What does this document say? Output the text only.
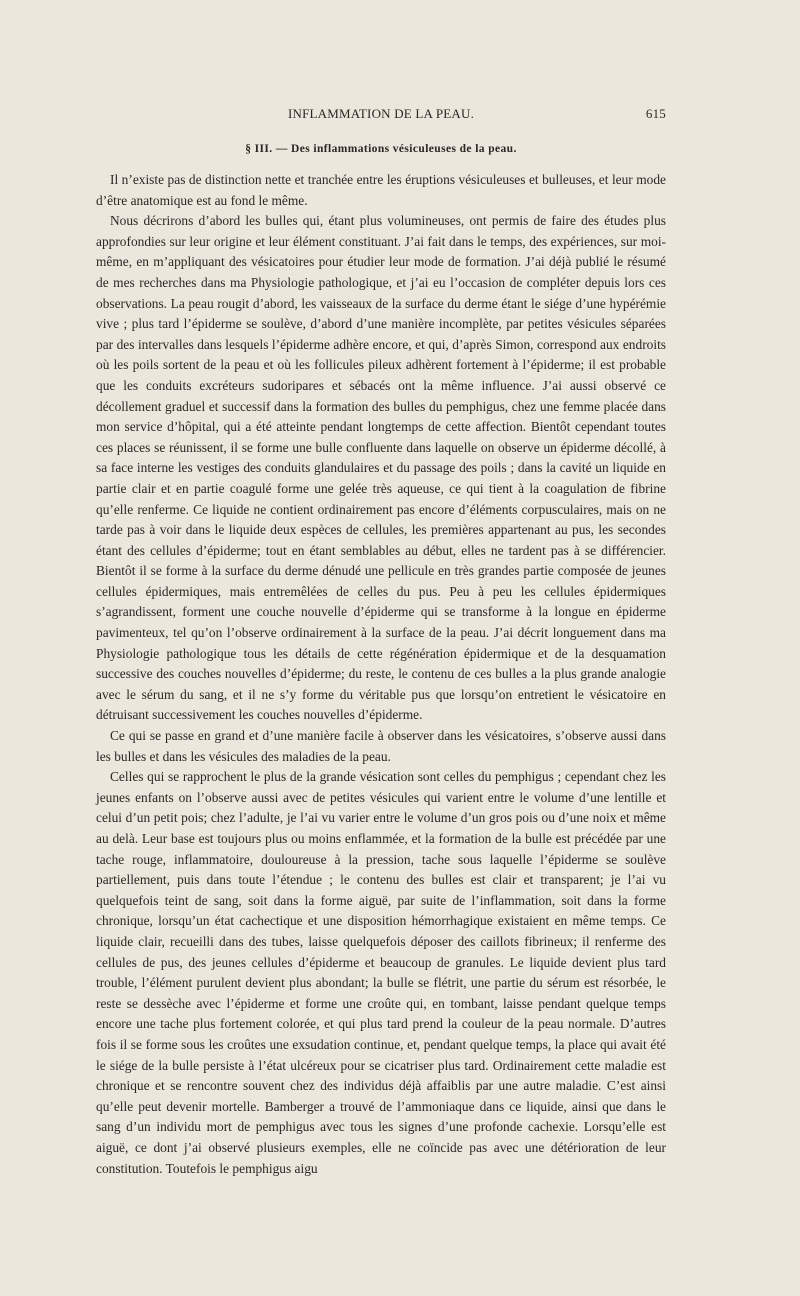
INFLAMMATION DE LA PEAU.	615
§ III. — Des inflammations vésiculeuses de la peau.

Il n’existe pas de distinction nette et tranchée entre les éruptions vésiculeuses et bulleuses, et leur mode d’être anatomique est au fond le même.

Nous décrirons d’abord les bulles qui, étant plus volumineuses, ont permis de faire des études plus approfondies sur leur origine et leur élément constituant. J’ai fait dans le temps, des expériences, sur moi-même, en m’appliquant des vésicatoires pour étudier leur mode de formation. J’ai déjà publié le résumé de mes recherches dans ma Physiologie pathologique, et j’ai eu l’occasion de compléter depuis lors ces observations. La peau rougit d’abord, les vaisseaux de la surface du derme étant le siége d’une hypérémie vive ; plus tard l’épiderme se soulève, d’abord d’une manière incomplète, par petites vésicules séparées par des intervalles dans lesquels l’épiderme adhère encore, et qui, d’après Simon, correspond aux endroits où les poils sortent de la peau et où les follicules pileux adhèrent fortement à l’épiderme; il est probable que les conduits excréteurs sudoripares et sébacés ont la même influence. J’ai aussi observé ce décollement graduel et successif dans la formation des bulles du pemphigus, chez une femme placée dans mon service d’hôpital, qui a été atteinte pendant longtemps de cette affection. Bientôt cependant toutes ces places se réunissent, il se forme une bulle confluente dans laquelle on observe un épiderme décollé, à sa face interne les vestiges des conduits glandulaires et du passage des poils ; dans la cavité un liquide en partie clair et en partie coagulé forme une gelée très aqueuse, ce qui tient à la coagulation de fibrine qu’elle renferme. Ce liquide ne contient ordinairement pas encore d’éléments corpusculaires, mais on ne tarde pas à voir dans le liquide deux espèces de cellules, les premières appartenant au pus, les secondes étant des cellules d’épiderme; tout en étant semblables au début, elles ne tardent pas à se différencier. Bientôt il se forme à la surface du derme dénudé une pellicule en très grandes partie composée de jeunes cellules épidermiques, mais entremêlées de celles du pus. Peu à peu les cellules épidermiques s’agrandissent, forment une couche nouvelle d’épiderme qui se transforme à la longue en épiderme pavimenteux, tel qu’on l’observe ordinairement à la surface de la peau. J’ai décrit longuement dans ma Physiologie pathologique tous les détails de cette régénération épidermique et de la desquamation successive des couches nouvelles d’épiderme; du reste, le contenu de ces bulles a la plus grande analogie avec le sérum du sang, et il ne s’y forme du véritable pus que lorsqu’on entretient le vésicatoire en détruisant successivement les couches nouvelles d’épiderme.

Ce qui se passe en grand et d’une manière facile à observer dans les vésicatoires, s’observe aussi dans les bulles et dans les vésicules des maladies de la peau.

Celles qui se rapprochent le plus de la grande vésication sont celles du pemphigus ; cependant chez les jeunes enfants on l’observe aussi avec de petites vésicules qui varient entre le volume d’une lentille et celui d’un petit pois; chez l’adulte, je l’ai vu varier entre le volume d’un gros pois ou d’une noix et même au delà. Leur base est toujours plus ou moins enflammée, et la formation de la bulle est précédée par une tache rouge, inflammatoire, douloureuse à la pression, tache sous laquelle l’épiderme se soulève partiellement, puis dans toute l’étendue ; le contenu des bulles est clair et transparent; je l’ai vu quelquefois teint de sang, soit dans la forme aiguë, par suite de l’inflammation, soit dans la forme chronique, lorsqu’un état cachectique et une disposition hémorrhagique existaient en même temps. Ce liquide clair, recueilli dans des tubes, laisse quelquefois déposer des caillots fibrineux; il renferme des cellules de pus, des jeunes cellules d’épiderme et beaucoup de granules. Le liquide devient plus tard trouble, l’élément purulent devient plus abondant; la bulle se flétrit, une partie du sérum est résorbée, le reste se dessèche avec l’épiderme et forme une croûte qui, en tombant, laisse pendant quelque temps encore une tache plus fortement colorée, et qui plus tard prend la couleur de la peau normale. D’autres fois il se forme sous les croûtes une exsudation continue, et, pendant quelque temps, la place qui avait été le siége de la bulle persiste à l’état ulcéreux pour se cicatriser plus tard. Ordinairement cette maladie est chronique et se rencontre souvent chez des individus déjà affaiblis par une autre maladie. C’est ainsi qu’elle peut devenir mortelle. Bamberger a trouvé de l’ammoniaque dans ce liquide, ainsi que dans le sang d’un individu mort de pemphigus avec tous les signes d’une profonde cachexie. Lorsqu’elle est aiguë, ce dont j’ai observé plusieurs exemples, elle ne coïncide pas avec une détérioration de leur constitution. Toutefois le pemphigus aigu
